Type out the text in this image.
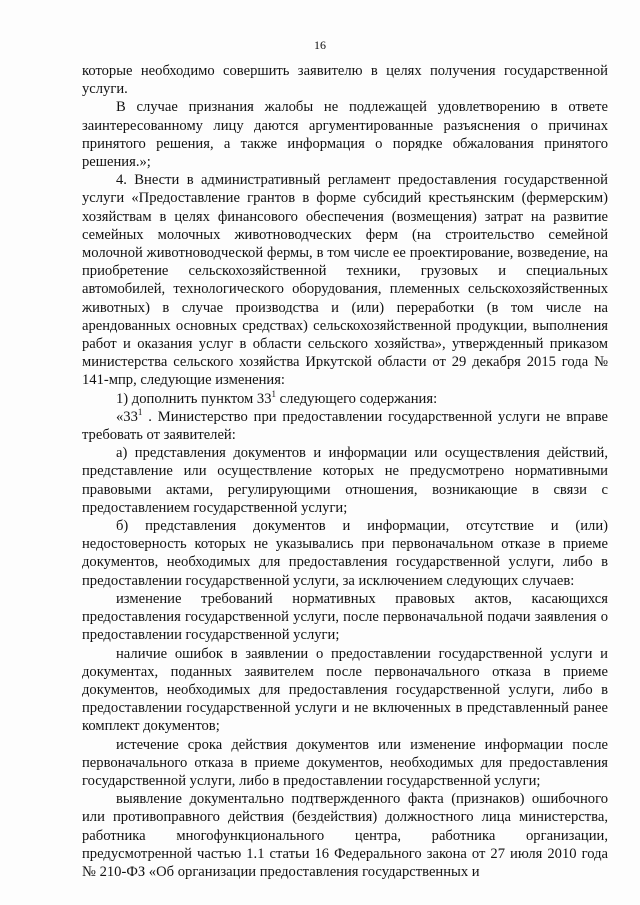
16

которые необходимо совершить заявителю в целях получения государственной услуги.

В случае признания жалобы не подлежащей удовлетворению в ответе заинтересованному лицу даются аргументированные разъяснения о причинах принятого решения, а также информация о порядке обжалования принятого решения.»;

4. Внести в административный регламент предоставления государственной услуги «Предоставление грантов в форме субсидий крестьянским (фермерским) хозяйствам в целях финансового обеспечения (возмещения) затрат на развитие семейных молочных животноводческих ферм (на строительство семейной молочной животноводческой фермы, в том числе ее проектирование, возведение, на приобретение сельскохозяйственной техники, грузовых и специальных автомобилей, технологического оборудования, племенных сельскохозяйственных животных) в случае производства и (или) переработки (в том числе на арендованных основных средствах) сельскохозяйственной продукции, выполнения работ и оказания услуг в области сельского хозяйства», утвержденный приказом министерства сельского хозяйства Иркутской области от 29 декабря 2015 года № 141-мпр, следующие изменения:

1) дополнить пунктом $33^1$ следующего содержания:

«$33^1$ . Министерство при предоставлении государственной услуги не вправе требовать от заявителей:

а) представления документов и информации или осуществления действий, представление или осуществление которых не предусмотрено нормативными правовыми актами, регулирующими отношения, возникающие в связи с предоставлением государственной услуги;

б) представления документов и информации, отсутствие и (или) недостоверность которых не указывались при первоначальном отказе в приеме документов, необходимых для предоставления государственной услуги, либо в предоставлении государственной услуги, за исключением следующих случаев:

изменение требований нормативных правовых актов, касающихся предоставления государственной услуги, после первоначальной подачи заявления о предоставлении государственной услуги;

наличие ошибок в заявлении о предоставлении государственной услуги и документах, поданных заявителем после первоначального отказа в приеме документов, необходимых для предоставления государственной услуги, либо в предоставлении государственной услуги и не включенных в представленный ранее комплект документов;

истечение срока действия документов или изменение информации после первоначального отказа в приеме документов, необходимых для предоставления государственной услуги, либо в предоставлении государственной услуги;

выявление документально подтвержденного факта (признаков) ошибочного или противоправного действия (бездействия) должностного лица министерства, работника многофункционального центра, работника организации, предусмотренной частью 1.1 статьи 16 Федерального закона от 27 июля 2010 года № 210-ФЗ «Об организации предоставления государственных и
